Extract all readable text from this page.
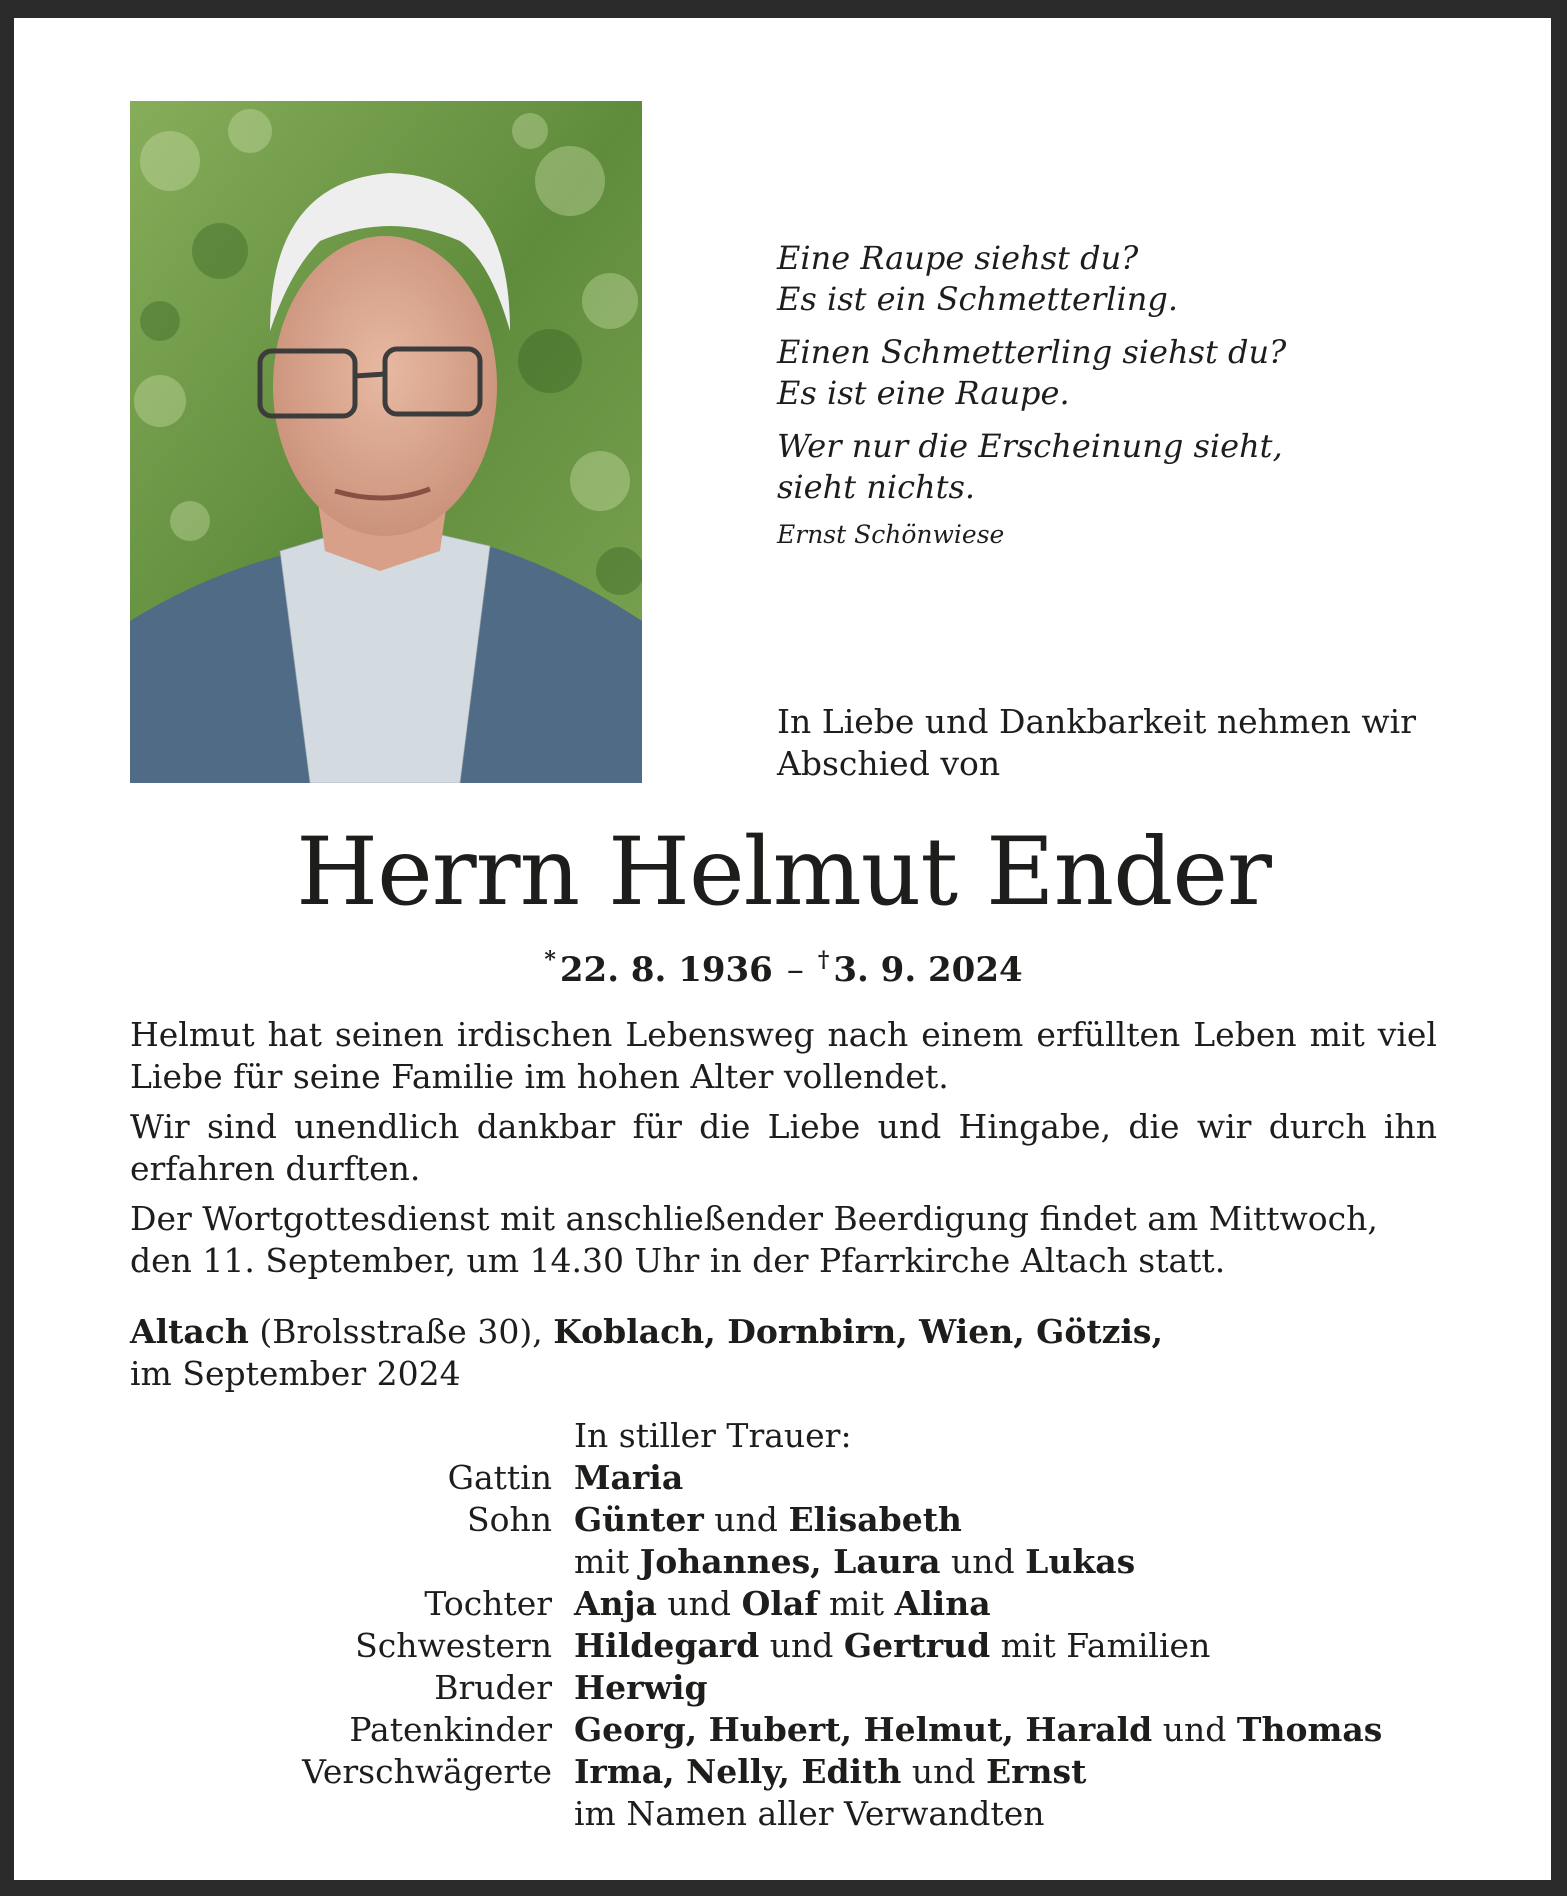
Eine Raupe siehst du?
Es ist ein Schmetterling.
Einen Schmetterling siehst du?
Es ist eine Raupe.
Wer nur die Erscheinung sieht,
sieht nichts.
Ernst Schönwiese
In Liebe und Dankbarkeit nehmen wir
Abschied von
Herrn Helmut Ender
* 22. 8. 1936 – † 3. 9. 2024

Helmut hat seinen irdischen Lebensweg nach einem erfüllten Leben mit viel Liebe für seine Familie im hohen Alter vollendet.

Wir sind unendlich dankbar für die Liebe und Hingabe, die wir durch ihn erfahren durften.

Der Wortgottesdienst mit anschließender Beerdigung findet am Mittwoch,
den 11. September, um 14.30 Uhr in der Pfarrkirche Altach statt.

Altach (Brolsstraße 30), Koblach, Dornbirn, Wien, Götzis,
im September 2024
In stiller Trauer:
Gattin Maria
Sohn Günter und Elisabeth
mit Johannes, Laura und Lukas
Tochter Anja und Olaf mit Alina
Schwestern Hildegard und Gertrud mit Familien
Bruder Herwig
Patenkinder Georg, Hubert, Helmut, Harald und Thomas
Verschwägerte Irma, Nelly, Edith und Ernst
im Namen aller Verwandten
